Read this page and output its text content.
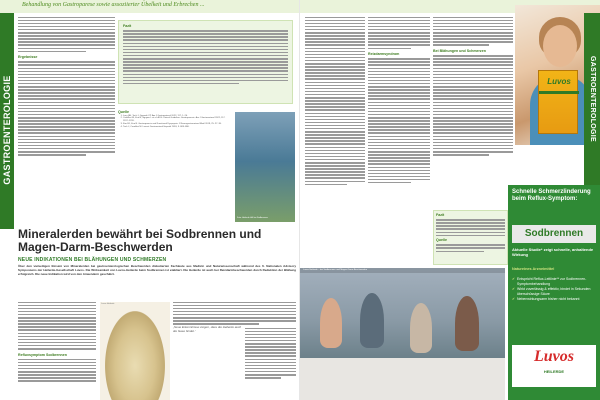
Behandlung von Gastroparese sowie assoziierter Übelkeit und Erbrechen ...
GASTROENTEROLOGIE
Ergebnisse
Fazit
Quelle
1. Lacy BE, Tack J, Gyawali CP. Am J Gastroenterol 2022; 117: 1–26.
2. Camilleri M, Kuo B, Nguyen L et al. ACG Clinical Guideline: Gastroparesis. Am J Gastroenterol 2022; 117: 1197–1220.
3. Kim BJ, Kuo B. Gastroparesis and Functional Dyspepsia. J Neurogastroenterol Motil 2019; 25: 27–35.
4. Tack J, Camilleri M. Lancet Gastroenterol Hepatol 2018; 3: 869–880.
Foto: Heilerde hilft bei Sodbrennen
Mineralerden bewährt bei Sodbrennen und Magen-Darm-Beschwerden
NEUE INDIKATIONEN BEI BLÄHUNGEN UND SCHMERZEN
Über den vielseitigen Einsatz von Mineralerden bei gastroenterologischen Beschwerden diskutierten Fachleute aus Medizin und Naturwissenschaft während des 6. Nationalen Advisory Symposiums der Heilerde-Gesellschaft Luvos. Die Wirksamkeit von Luvos-Heilerde beim Sodbrennen ist etabliert. Die Heilerde ist auch bei Reizdarmbeschwerden durch Reduktion der Blähung erfolgreich. Die neue Indikation wird von den Anwendern geschätzt.
Refluxsymptom Sodbrennen
Luvos Heilerde
„Neue Erkenntnisse zeigen, dass die Heilerde auch die Gase bindet.“
Reizdarmsyndrom
Bei Blähungen und Schmerzen
Luvos
Fazit
Quelle
Luvos Heilerde – bei Sodbrennen und Magen-Darm-Beschwerden
Schnelle Schmerzlinderung beim Reflux-Symptom:
Sodbrennen
Aktuelle Studie* zeigt schnelle, anhaltende Wirkung
Natureines Arzneimittel
✔ Entspricht Reflux-Leitlinie** zur Sodbrennen-Symptombehandlung
✔ Wirkt zuverlässig & effektiv, bindet in Sekunden überschüssige Säure
✔ Nebenwirkungsarm bisher nicht bekannt
Luvos
HEILERDE
GASTROENTEROLOGIE
